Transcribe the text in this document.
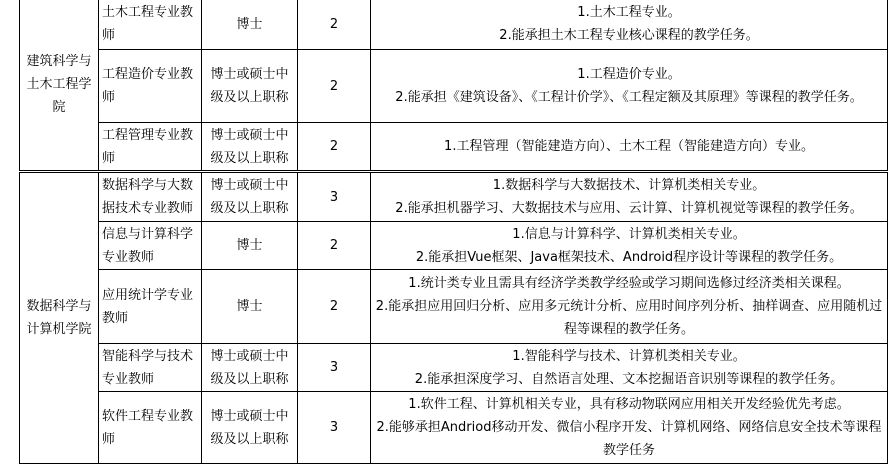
建筑科学与土木工程学院	土木工程专业教师	博士	2	1.土木工程专业。
2.能承担土木工程专业核心课程的教学任务。

	工程造价专业教师	博士或硕士中级及以上职称	2	1.工程造价专业。
2.能承担《建筑设备》、《工程计价学》、《工程定额及其原理》等课程的教学任务。

	工程管理专业教师	博士或硕士中级及以上职称	2	1.工程管理（智能建造方向）、土木工程（智能建造方向）专业。

数据科学与计算机学院	数据科学与大数据技术专业教师	博士或硕士中级及以上职称	3	1.数据科学与大数据技术、计算机类相关专业。
2.能承担机器学习、大数据技术与应用、云计算、计算机视觉等课程的教学任务。

	信息与计算科学专业教师	博士	2	1.信息与计算科学、计算机类相关专业。
2.能承担Vue框架、Java框架技术、Android程序设计等课程的教学任务。

	应用统计学专业教师	博士	2	1.统计类专业且需具有经济学类教学经验或学习期间选修过经济类相关课程。
2.能承担应用回归分析、应用多元统计分析、应用时间序列分析、抽样调查、应用随机过程等课程的教学任务。

	智能科学与技术专业教师	博士或硕士中级及以上职称	3	1.智能科学与技术、计算机类相关专业。
2.能承担深度学习、自然语言处理、文本挖掘语音识别等课程的教学任务。

	软件工程专业教师	博士或硕士中级及以上职称	3	1.软件工程、计算机相关专业，具有移动物联网应用相关开发经验优先考虑。
2.能够承担Andriod移动开发、微信小程序开发、计算机网络、网络信息安全技术等课程教学任务
